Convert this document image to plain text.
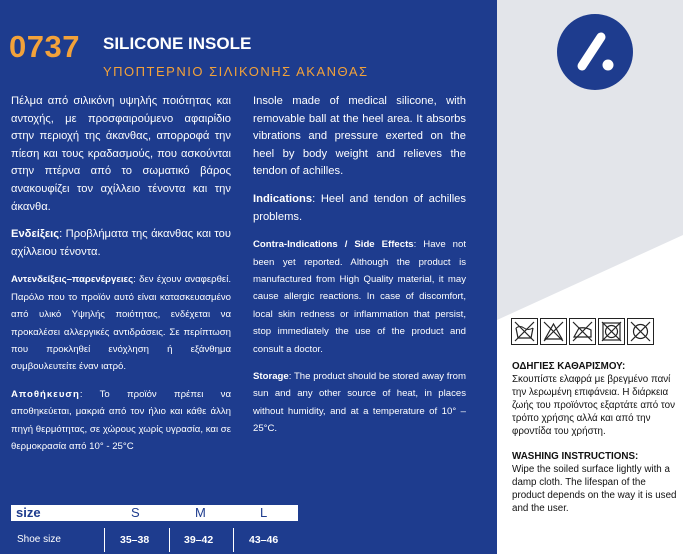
0737 SILICONE INSOLE
ΥΠΟΠΤΕΡΝΙΟ ΣΙΛΙΚΟΝΗΣ ΑΚΑΝΘΑΣ

Πέλμα από σιλικόνη υψηλής ποιότητας και αντοχής, με προσφαιρούμενο αφαιρίδιο στην περιοχή της άκανθας, απορροφά την πίεση και τους κραδασμούς, που ασκούνται στην πτέρνα από το σωματικό βάρος ανακουφίζει τον αχίλλειο τένοντα και την άκανθα.

Ενδείξεις: Προβλήματα της άκανθας και του αχίλλειου τένοντα.

Αντενδείξεις–παρενέργειες: δεν έχουν αναφερθεί. Παρόλο που το προϊόν αυτό είναι κατασκευασμένο από υλικό Υψηλής ποιότητας, ενδέχεται να προκαλέσει αλλεργικές αντιδράσεις. Σε περίπτωση που προκληθεί ενόχληση ή εξάνθημα συμβουλευτείτε έναν ιατρό.

Αποθήκευση: Το προϊόν πρέπει να αποθηκεύεται, μακριά από τον ήλιο και κάθε άλλη πηγή θερμότητας, σε χώρους χωρίς υγρασία, και σε θερμοκρασία από 10° - 25°C

Insole made of medical silicone, with removable ball at the heel area. It absorbs vibrations and pressure exerted on the heel by body weight and relieves the tendon of achilles.

Indications: Heel and tendon of achilles problems.

Contra-Indications / Side Effects: Have not been yet reported. Although the product is manufactured from High Quality material, it may cause allergic reactions. In case of discomfort, local skin redness or inflammation that persist, stop immediately the use of the product and consult a doctor.

Storage: The product should be stored away from sun and any other source of heat, in places without humidity, and at a temperature of 10° – 25°C.

size	S	M	L
Shoe size	35–38	39–42	43–46

ΟΔΗΓΙΕΣ ΚΑΘΑΡΙΣΜΟΥ:
Σκουπίστε ελαφρά με βρεγμένο πανί την λερωμένη επιφάνεια. Η διάρκεια ζωής του προϊόντος εξαρτάτε από τον τρόπο χρήσης αλλά και από την φροντίδα του χρήστη.

WASHING INSTRUCTIONS:
Wipe the soiled surface lightly with a damp cloth. The lifespan of the product depends on the way it is used and the user.
